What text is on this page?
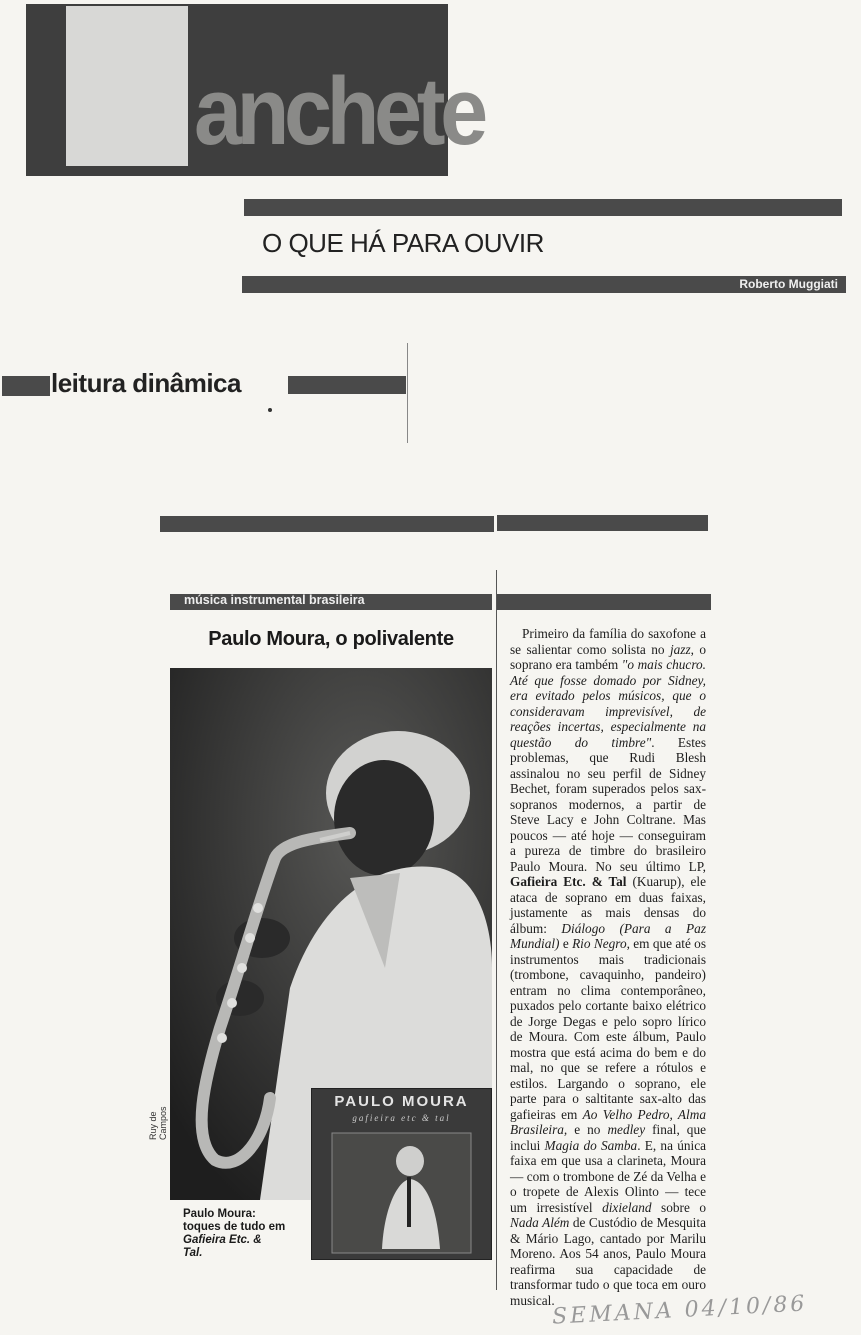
M anchete
O QUE HÁ PARA OUVIR
Roberto Muggiati
leitura dinâmica
música instrumental brasileira
Paulo Moura, o polivalente
Ruy de Campos
PAULO MOURA
gafieira etc & tal
Paulo Moura:
toques de tudo em
Gafieira Etc. &
Tal.
Primeiro da família do saxofone a se salientar como solista no jazz, o soprano era também "o mais chucro. Até que fosse domado por Sidney, era evitado pelos músicos, que o consideravam imprevisível, de reações incertas, especialmente na questão do timbre". Estes problemas, que Rudi Blesh assinalou no seu perfil de Sidney Bechet, foram superados pelos sax-sopranos modernos, a partir de Steve Lacy e John Coltrane. Mas poucos — até hoje — conseguiram a pureza de timbre do brasileiro Paulo Moura. No seu último LP, Gafieira Etc. & Tal (Kuarup), ele ataca de soprano em duas faixas, justamente as mais densas do álbum: Diálogo (Para a Paz Mundial) e Rio Negro, em que até os instrumentos mais tradicionais (trombone, cavaquinho, pandeiro) entram no clima contemporâneo, puxados pelo cortante baixo elétrico de Jorge Degas e pelo sopro lírico de Moura. Com este álbum, Paulo mostra que está acima do bem e do mal, no que se refere a rótulos e estilos. Largando o soprano, ele parte para o saltitante sax-alto das gafieiras em Ao Velho Pedro, Alma Brasileira, e no medley final, que inclui Magia do Samba. E, na única faixa em que usa a clarineta, Moura — com o trombone de Zé da Velha e o tropete de Alexis Olinto — tece um irresistível dixieland sobre o Nada Além de Custódio de Mesquita & Mário Lago, cantado por Marilu Moreno. Aos 54 anos, Paulo Moura reafirma sua capacidade de transformar tudo o que toca em ouro musical.
SEMANA 04/10/86
